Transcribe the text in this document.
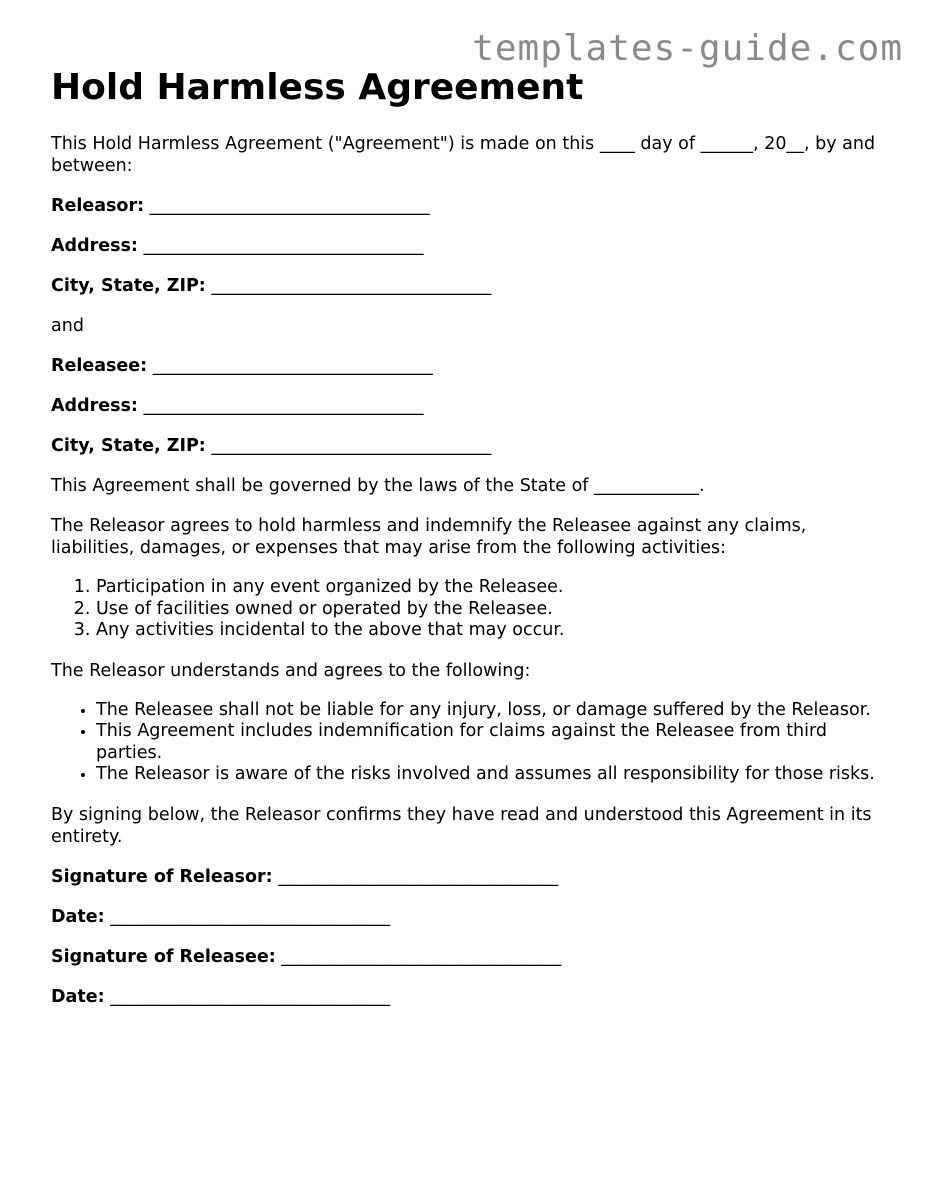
templates-guide.com
Hold Harmless Agreement

This Hold Harmless Agreement ("Agreement") is made on this ____ day of ______, 20__, by and between:

Releasor: ________________________________

Address: ________________________________

City, State, ZIP: ________________________________

and

Releasee: ________________________________

Address: ________________________________

City, State, ZIP: ________________________________

This Agreement shall be governed by the laws of the State of ____________.

The Releasor agrees to hold harmless and indemnify the Releasee against any claims, liabilities, damages, or expenses that may arise from the following activities:

1. Participation in any event organized by the Releasee.
2. Use of facilities owned or operated by the Releasee.
3. Any activities incidental to the above that may occur.

The Releasor understands and agrees to the following:

• The Releasee shall not be liable for any injury, loss, or damage suffered by the Releasor.
• This Agreement includes indemnification for claims against the Releasee from third parties.
• The Releasor is aware of the risks involved and assumes all responsibility for those risks.

By signing below, the Releasor confirms they have read and understood this Agreement in its entirety.

Signature of Releasor: ________________________________

Date: ________________________________

Signature of Releasee: ________________________________

Date: ________________________________
